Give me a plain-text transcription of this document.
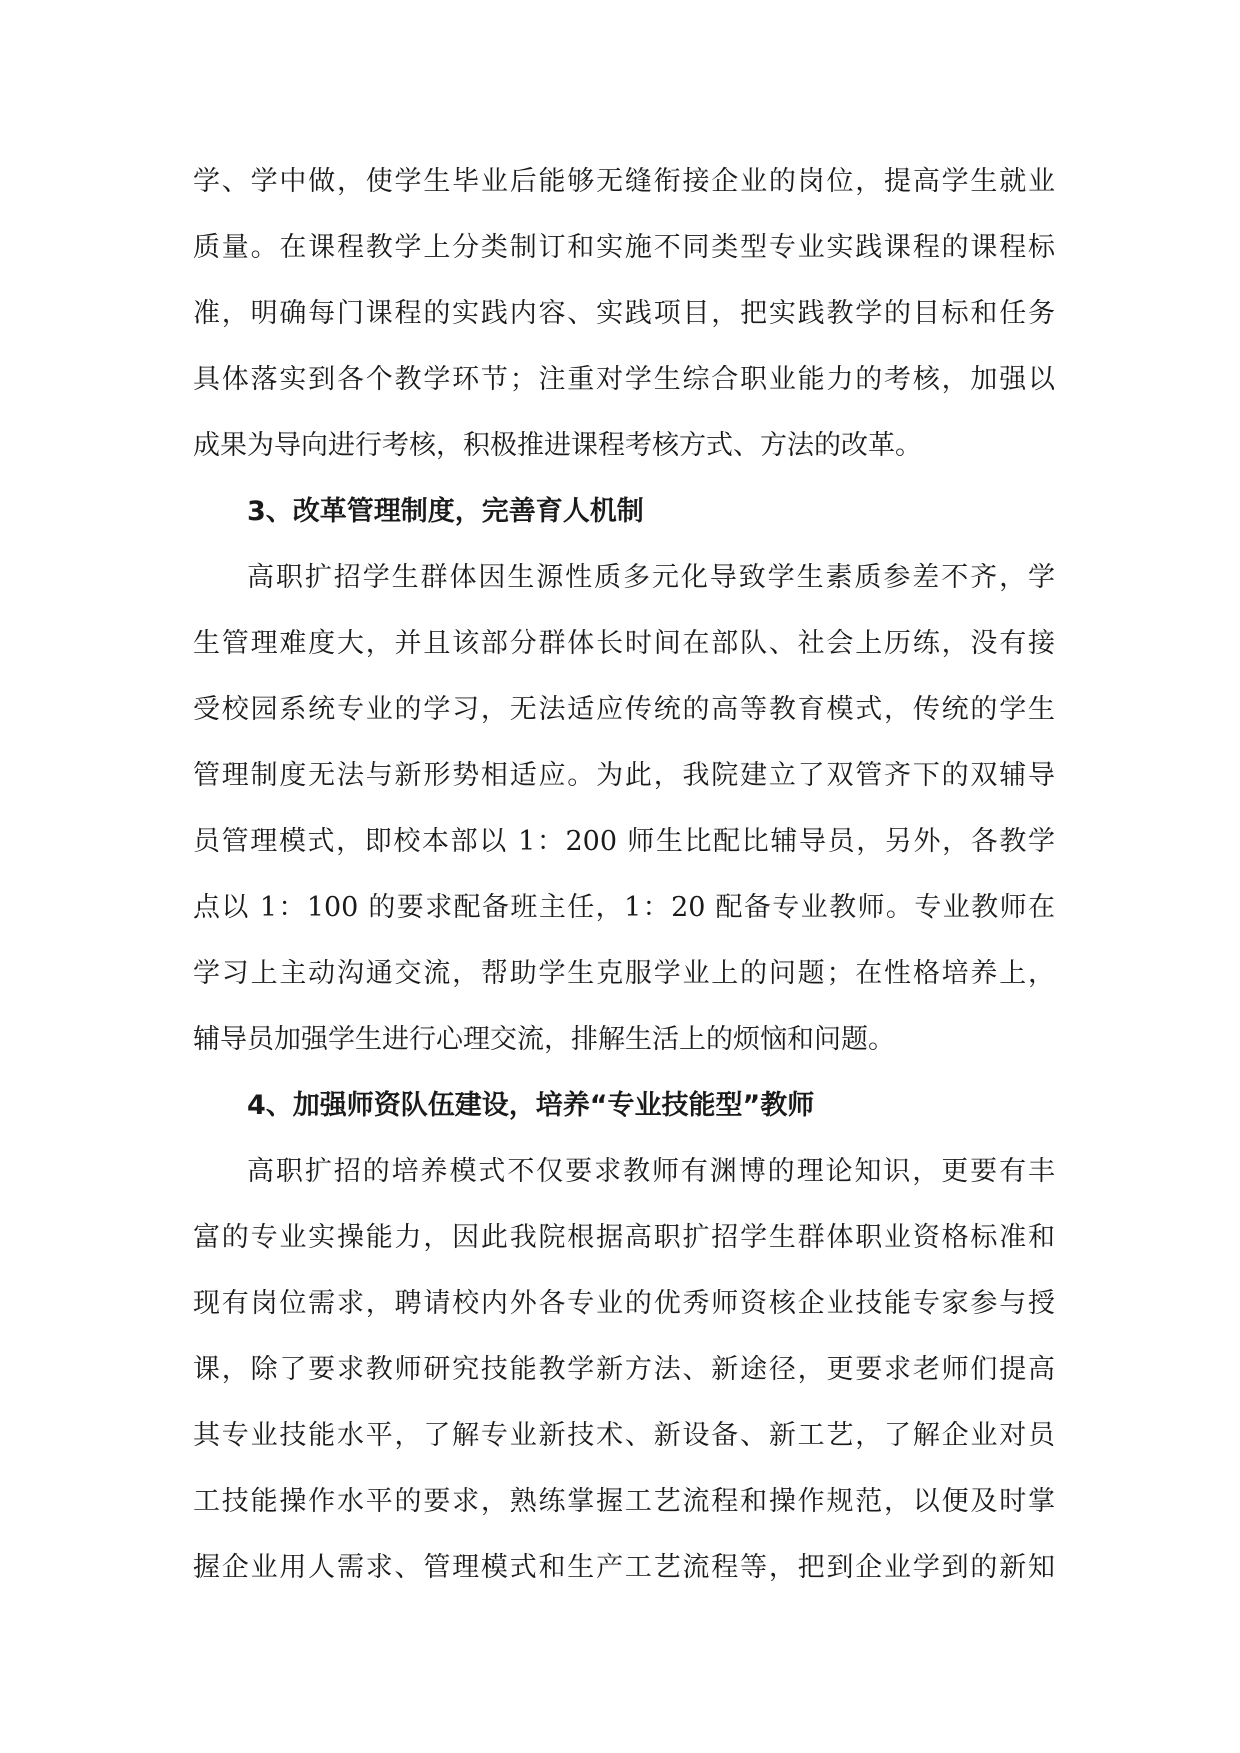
学、学中做，使学生毕业后能够无缝衔接企业的岗位，提高学生就业
质量。在课程教学上分类制订和实施不同类型专业实践课程的课程标
准，明确每门课程的实践内容、实践项目，把实践教学的目标和任务
具体落实到各个教学环节；注重对学生综合职业能力的考核，加强以
成果为导向进行考核，积极推进课程考核方式、方法的改革。
3、改革管理制度，完善育人机制
高职扩招学生群体因生源性质多元化导致学生素质参差不齐，学
生管理难度大，并且该部分群体长时间在部队、社会上历练，没有接
受校园系统专业的学习，无法适应传统的高等教育模式，传统的学生
管理制度无法与新形势相适应。为此，我院建立了双管齐下的双辅导
员管理模式，即校本部以 1：200 师生比配比辅导员，另外，各教学
点以 1：100 的要求配备班主任，1：20 配备专业教师。专业教师在
学习上主动沟通交流，帮助学生克服学业上的问题；在性格培养上，
辅导员加强学生进行心理交流，排解生活上的烦恼和问题。
4、加强师资队伍建设，培养“专业技能型”教师
高职扩招的培养模式不仅要求教师有渊博的理论知识，更要有丰
富的专业实操能力，因此我院根据高职扩招学生群体职业资格标准和
现有岗位需求，聘请校内外各专业的优秀师资核企业技能专家参与授
课，除了要求教师研究技能教学新方法、新途径，更要求老师们提高
其专业技能水平，了解专业新技术、新设备、新工艺，了解企业对员
工技能操作水平的要求，熟练掌握工艺流程和操作规范，以便及时掌
握企业用人需求、管理模式和生产工艺流程等，把到企业学到的新知
